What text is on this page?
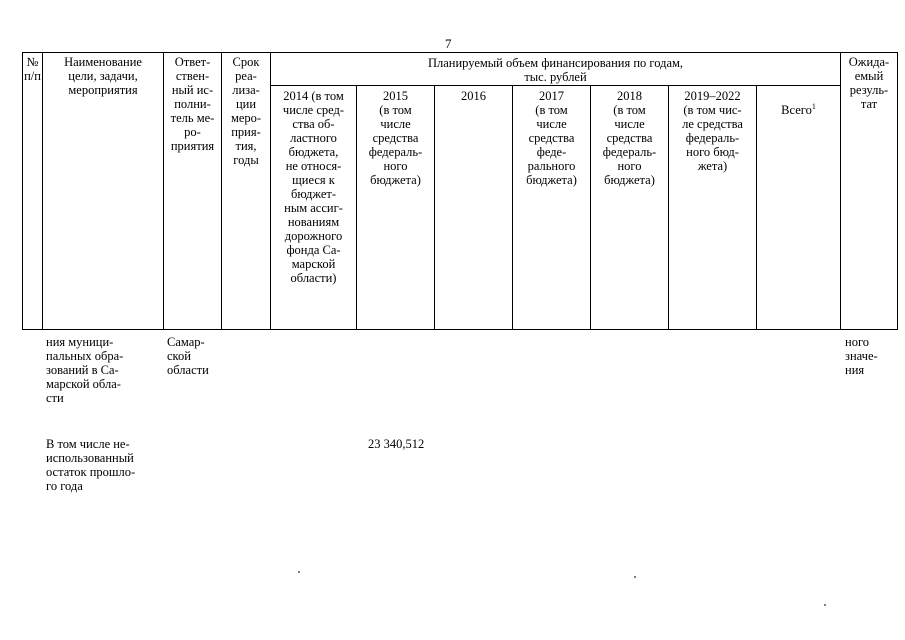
7
№
п/п
Наименование
цели, задачи,
мероприятия
Ответ-
ствен-
ный ис-
полни-
тель ме-
ро-
приятия
Срок
реа-
лиза-
ции
меро-
прия-
тия,
годы
Планируемый объем финансирования по годам,
тыс. рублей
Ожида-
емый
резуль-
тат
2014 (в том
числе сред-
ства об-
ластного
бюджета,
не относя-
щиеся к
бюджет-
ным ассиг-
нованиям
дорожного
фонда Са-
марской
области)
2015
(в том
числе
средства
федераль-
ного
бюджета)
2016	2017
(в том
числе
средства
феде-
рального
бюджета)
2018
(в том
числе
средства
федераль-
ного
бюджета)
2019–2022
(в том чис-
ле средства
федераль-
ного бюд-
жета)

Всего$^1$

ния муници-
пальных обра-
зований в Са-
марской обла-
сти
Самар-
ской
области
ного
значе-
ния
В том числе не-
использованный
остаток прошло-
го года
23 340,512
